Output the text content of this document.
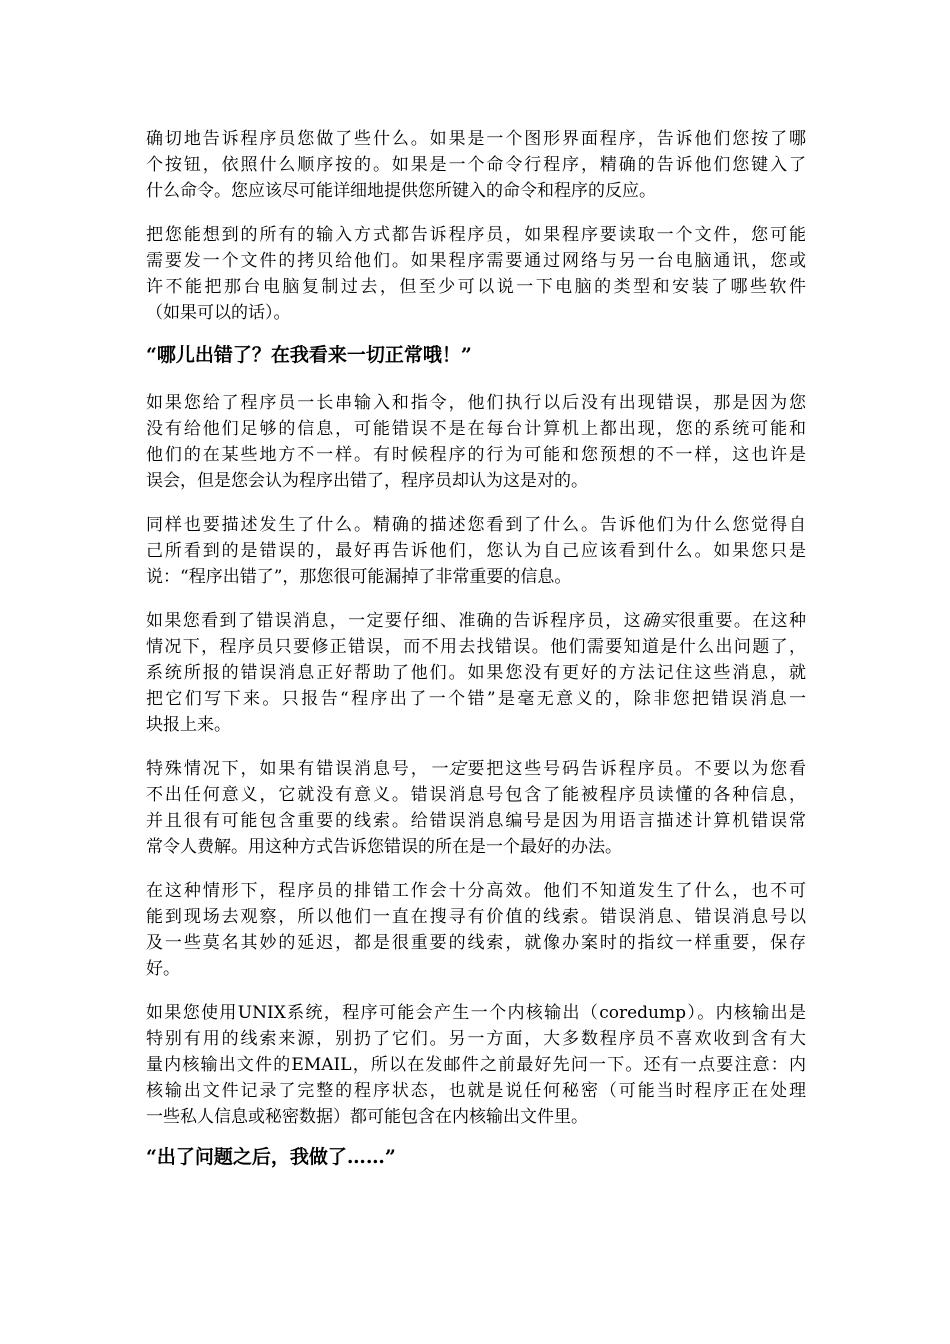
确切地告诉程序员您做了些什么。如果是一个图形界面程序，告诉他们您按了哪
个按钮，依照什么顺序按的。如果是一个命令行程序，精确的告诉他们您键入了
什么命令。您应该尽可能详细地提供您所键入的命令和程序的反应。

把您能想到的所有的输入方式都告诉程序员，如果程序要读取一个文件，您可能
需要发一个文件的拷贝给他们。如果程序需要通过网络与另一台电脑通讯，您或
许不能把那台电脑复制过去，但至少可以说一下电脑的类型和安装了哪些软件
（如果可以的话）。

“哪儿出错了？在我看来一切正常哦！”

如果您给了程序员一长串输入和指令，他们执行以后没有出现错误，那是因为您
没有给他们足够的信息，可能错误不是在每台计算机上都出现，您的系统可能和
他们的在某些地方不一样。有时候程序的行为可能和您预想的不一样，这也许是
误会，但是您会认为程序出错了，程序员却认为这是对的。

同样也要描述发生了什么。精确的描述您看到了什么。告诉他们为什么您觉得自
己所看到的是错误的，最好再告诉他们，您认为自己应该看到什么。如果您只是
说：“程序出错了”，那您很可能漏掉了非常重要的信息。

如果您看到了错误消息，一定要仔细、准确的告诉程序员，这确实很重要。在这种
情况下，程序员只要修正错误，而不用去找错误。他们需要知道是什么出问题了，
系统所报的错误消息正好帮助了他们。如果您没有更好的方法记住这些消息，就
把它们写下来。只报告“程序出了一个错”是毫无意义的，除非您把错误消息一
块报上来。

特殊情况下，如果有错误消息号，一定要把这些号码告诉程序员。不要以为您看
不出任何意义，它就没有意义。错误消息号包含了能被程序员读懂的各种信息，
并且很有可能包含重要的线索。给错误消息编号是因为用语言描述计算机错误常
常令人费解。用这种方式告诉您错误的所在是一个最好的办法。

在这种情形下，程序员的排错工作会十分高效。他们不知道发生了什么，也不可
能到现场去观察，所以他们一直在搜寻有价值的线索。错误消息、错误消息号以
及一些莫名其妙的延迟，都是很重要的线索，就像办案时的指纹一样重要，保存
好。

如果您使用UNIX系统，程序可能会产生一个内核输出（coredump）。内核输出是
特别有用的线索来源，别扔了它们。另一方面，大多数程序员不喜欢收到含有大
量内核输出文件的EMAIL，所以在发邮件之前最好先问一下。还有一点要注意：内
核输出文件记录了完整的程序状态，也就是说任何秘密（可能当时程序正在处理
一些私人信息或秘密数据）都可能包含在内核输出文件里。

“出了问题之后，我做了……”
